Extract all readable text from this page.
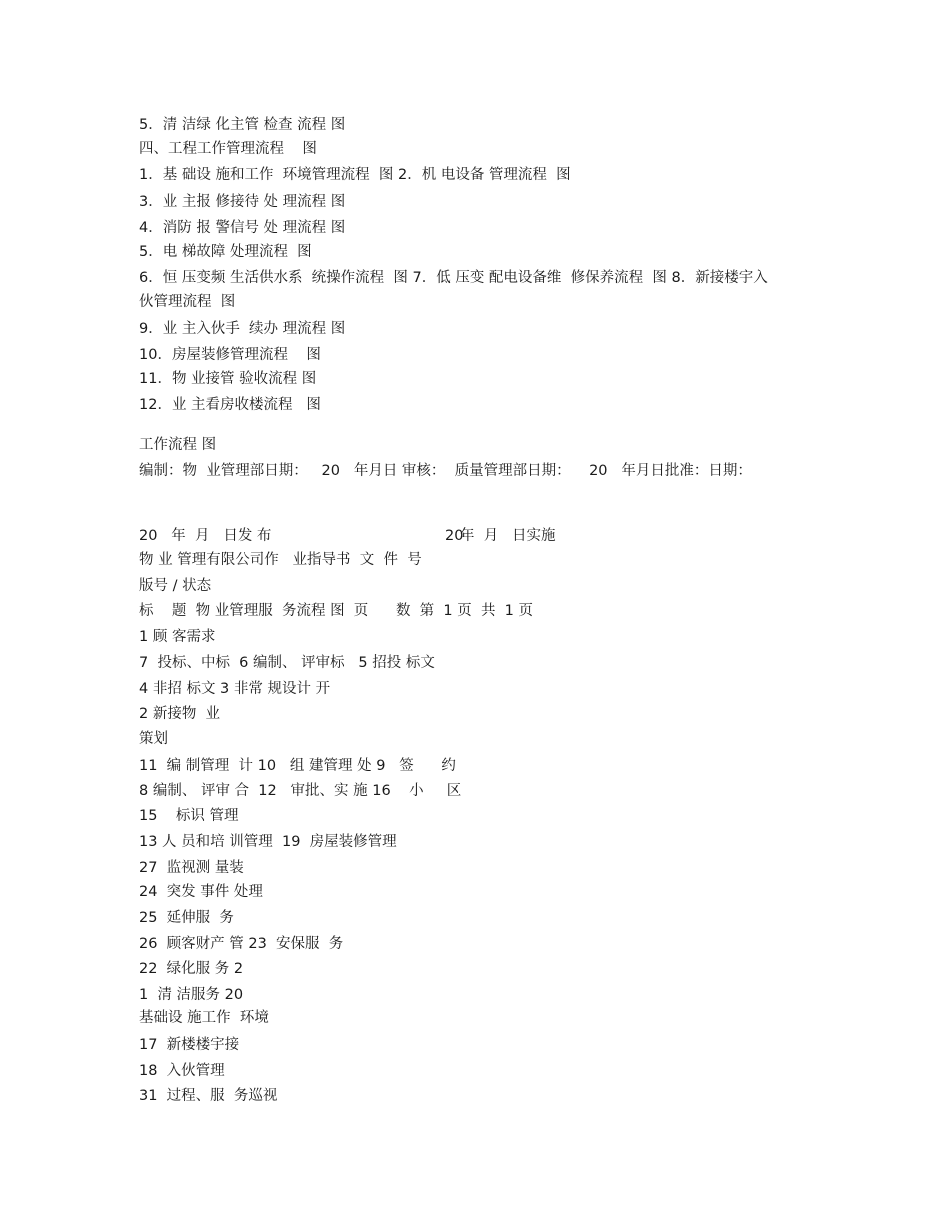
5．清 洁绿 化主管 检查 流程 图
四、工程工作管理流程    图
1．基 础设 施和工作  环境管理流程  图 2．机 电设备 管理流程  图
3．业 主报 修接待 处 理流程 图
4．消防 报 警信号 处 理流程 图
5．电 梯故障 处理流程  图
6．恒 压变频 生活供水系  统操作流程  图 7．低 压变 配电设备维  修保养流程  图 8．新接楼宇入
伙管理流程  图
9．业 主入伙手  续办 理流程 图
10．房屋装修管理流程    图
11．物 业接管 验收流程 图
12．业 主看房收楼流程   图
工作流程 图
编制：物  业管理部日期：   20   年月日 审核：  质量管理部日期：    20   年月日批准：日期：
20   年  月   日发 布	20
年  月   日实施
物 业 管理有限公司作   业指导书  文  件  号
版号 / 状态
标    题  物 业管理服  务流程 图  页      数  第  1 页  共  1 页
1 顾 客需求
7  投标、中标  6 编制、 评审标   5 招投 标文
4 非招 标文 3 非常 规设计 开
2 新接物  业
策划
11  编 制管理  计 10   组 建管理 处 9   签      约
8 编制、 评审 合  12   审批、实 施 16    小     区
15    标识 管理
13 人 员和培 训管理  19  房屋装修管理
27  监视测 量装
24  突发 事件 处理
25  延伸服  务
26  顾客财产 管 23  安保服  务
22  绿化服 务 2
1  清 洁服务 20
基础设 施工作  环境
17  新楼楼宇接
18  入伙管理
31  过程、服  务巡视
